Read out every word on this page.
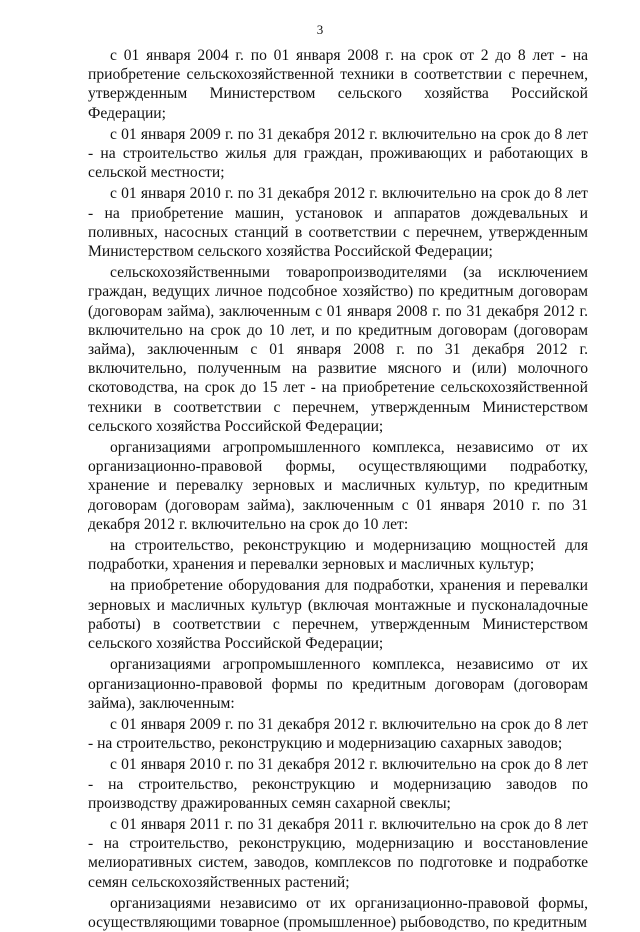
3

с 01 января 2004 г. по 01 января 2008 г. на срок от 2 до 8 лет - на приобретение сельскохозяйственной техники в соответствии с перечнем, утвержденным Министерством сельского хозяйства Российской Федерации;

с 01 января 2009 г. по 31 декабря 2012 г. включительно на срок до 8 лет - на строительство жилья для граждан, проживающих и работающих в сельской местности;

с 01 января 2010 г. по 31 декабря 2012 г. включительно на срок до 8 лет - на приобретение машин, установок и аппаратов дождевальных и поливных, насосных станций в соответствии с перечнем, утвержденным Министерством сельского хозяйства Российской Федерации;

сельскохозяйственными товаропроизводителями (за исключением граждан, ведущих личное подсобное хозяйство) по кредитным договорам (договорам займа), заключенным с 01 января 2008 г. по 31 декабря 2012 г. включительно на срок до 10 лет, и по кредитным договорам (договорам займа), заключенным с 01 января 2008 г. по 31 декабря 2012 г. включительно, полученным на развитие мясного и (или) молочного скотоводства, на срок до 15 лет - на приобретение сельскохозяйственной техники в соответствии с перечнем, утвержденным Министерством сельского хозяйства Российской Федерации;

организациями агропромышленного комплекса, независимо от их организационно-правовой формы, осуществляющими подработку, хранение и перевалку зерновых и масличных культур, по кредитным договорам (договорам займа), заключенным с 01 января 2010 г. по 31 декабря 2012 г. включительно на срок до 10 лет:

на строительство, реконструкцию и модернизацию мощностей для подработки, хранения и перевалки зерновых и масличных культур;

на приобретение оборудования для подработки, хранения и перевалки зерновых и масличных культур (включая монтажные и пусконаладочные работы) в соответствии с перечнем, утвержденным Министерством сельского хозяйства Российской Федерации;

организациями агропромышленного комплекса, независимо от их организационно-правовой формы по кредитным договорам (договорам займа), заключенным:

с 01 января 2009 г. по 31 декабря 2012 г. включительно на срок до 8 лет - на строительство, реконструкцию и модернизацию сахарных заводов;

с 01 января 2010 г. по 31 декабря 2012 г. включительно на срок до 8 лет - на строительство, реконструкцию и модернизацию заводов по производству дражированных семян сахарной свеклы;

с 01 января 2011 г. по 31 декабря 2011 г. включительно на срок до 8 лет - на строительство, реконструкцию, модернизацию и восстановление мелиоративных систем, заводов, комплексов по подготовке и подработке семян сельскохозяйственных растений;

организациями независимо от их организационно-правовой формы, осуществляющими товарное (промышленное) рыбоводство, по кредитным
